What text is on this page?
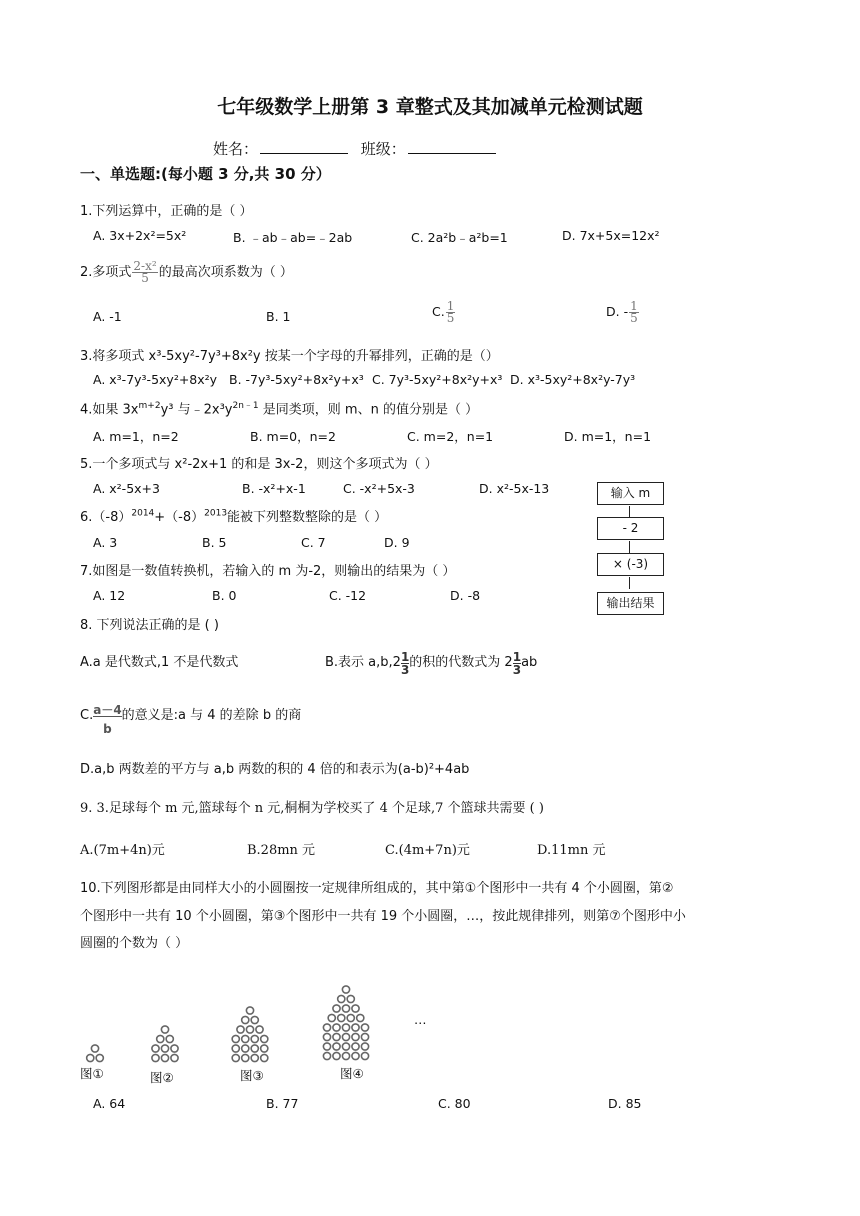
七年级数学上册第 3 章整式及其加减单元检测试题
姓名：	班级：
一、单选题:(每小题 3 分,共 30 分）
1.下列运算中，正确的是（ ）
A. 3x+2x²=5x²	B. ﹣ab﹣ab=﹣2ab	C. 2a²b﹣a²b=1	D. 7x+5x=12x²
2.多项式 $\frac{\text{2-x²}}{5}$ 的最高次项系数为（ ）
A. -1	B. 1	C. $\frac{1}{5}$	D. - $\frac{1}{5}$
3.将多项式 x³-5xy²-7y³+8x²y 按某一个字母的升幂排列，正确的是（）
A. x³-7y³-5xy²+8x²y B. -7y³-5xy²+8x²y+x³ C. 7y³-5xy²+8x²y+x³ D. x³-5xy²+8x²y-7y³
4.如果 $3x^{m+2}y^3$ 与$﹣2x^3y^{2n﹣1}$ 是同类项，则 m、n 的值分别是（ ）
A. m=1，n=2	B. m=0，n=2	C. m=2，n=1	D. m=1，n=1
5.一个多项式与 x²-2x+1 的和是 3x-2，则这个多项式为（ ）
A. x²-5x+3	B. -x²+x-1	C. -x²+5x-3	D. x²-5x-13
$6.(-8)^{2014}+(-8)^{2013}$能被下列整数整除的是（ ）
A. 3	B. 5	C. 7	D. 9
7.如图是一数值转换机，若输入的 m 为-2，则输出的结果为（ ）
A. 12	B. 0	C. -12	D. -8
输入 m
- 2
× (-3)
输出结果
8. 下列说法正确的是 ( )
A.a 是代数式,1 不是代数式	B.表示 $a,b,2 \frac{1}{3}$ 的积的代数式为 $2 \frac{1}{3}$ ab
C. $\frac{a-4}{b}$ 的意义是:a 与 4 的差除 b 的商
D.a,b 两数差的平方与 a,b 两数的积的 4 倍的和表示为(a-b)²+4ab
9. 3.足球每个 m 元,篮球每个 n 元,桐桐为学校买了 4 个足球,7 个篮球共需要 ( )
A.(7m+4n)元	B.28mn 元	C.(4m+7n)元	D.11mn 元
10.下列图形都是由同样大小的小圆圈按一定规律所组成的，其中第①个图形中一共有 4 个小圆圈，第②
个图形中一共有 10 个小圆圈，第③个图形中一共有 19 个小圆圈，…，按此规律排列，则第⑦个图形中小
圆圈的个数为（ ）
图①	图②	图③	图④
…
A. 64	B. 77	C. 80	D. 85
